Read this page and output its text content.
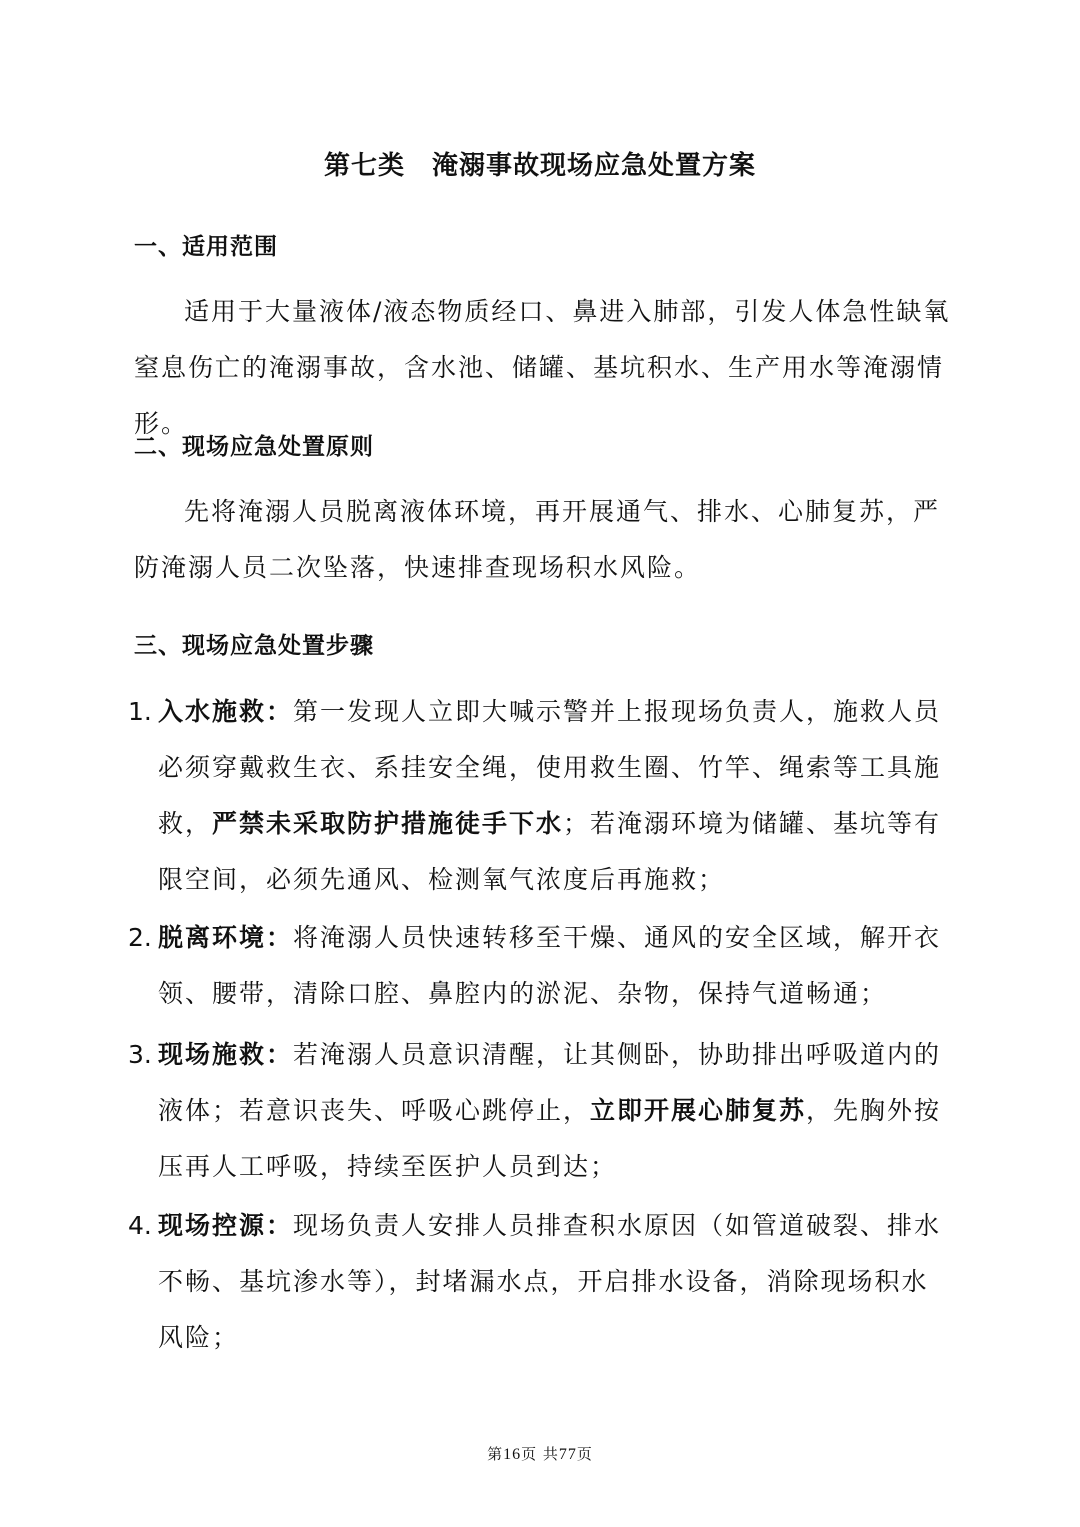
第七类　淹溺事故现场应急处置方案
一、适用范围
适用于大量液体/液态物质经口、鼻进入肺部，引发人体急性缺氧窒息伤亡的淹溺事故，含水池、储罐、基坑积水、生产用水等淹溺情形。
二、现场应急处置原则
先将淹溺人员脱离液体环境，再开展通气、排水、心肺复苏，严防淹溺人员二次坠落，快速排查现场积水风险。
三、现场应急处置步骤
1. 入水施救：第一发现人立即大喊示警并上报现场负责人，施救人员必须穿戴救生衣、系挂安全绳，使用救生圈、竹竿、绳索等工具施救，严禁未采取防护措施徒手下水；若淹溺环境为储罐、基坑等有限空间，必须先通风、检测氧气浓度后再施救；
2. 脱离环境：将淹溺人员快速转移至干燥、通风的安全区域，解开衣领、腰带，清除口腔、鼻腔内的淤泥、杂物，保持气道畅通；
3. 现场施救：若淹溺人员意识清醒，让其侧卧，协助排出呼吸道内的液体；若意识丧失、呼吸心跳停止，立即开展心肺复苏，先胸外按压再人工呼吸，持续至医护人员到达；
4. 现场控源：现场负责人安排人员排查积水原因（如管道破裂、排水不畅、基坑渗水等），封堵漏水点，开启排水设备，消除现场积水风险；
第16页 共77页
